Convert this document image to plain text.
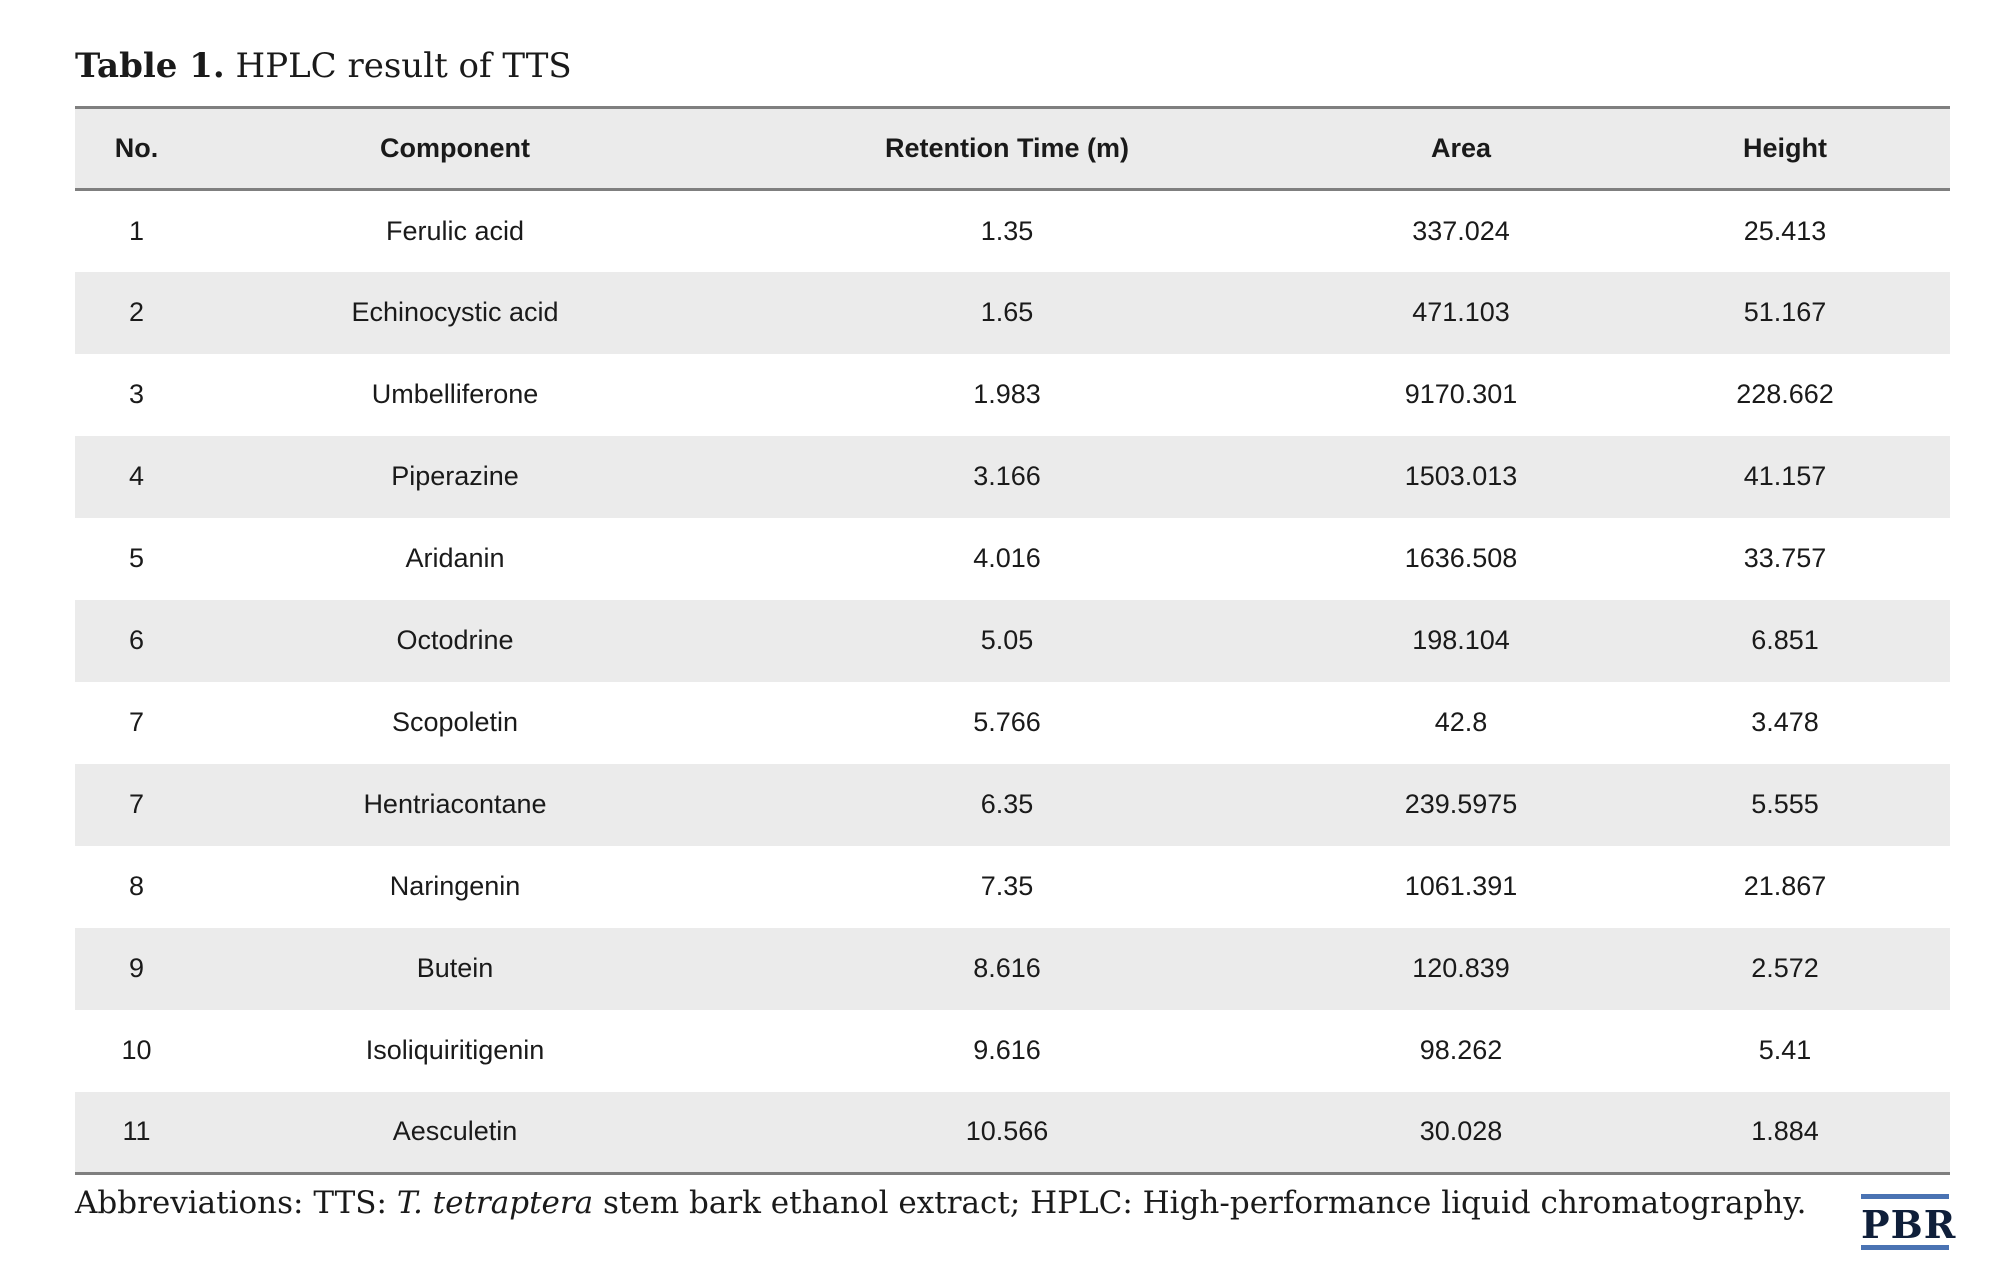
Table 1. HPLC result of TTS
No.	Component	Retention Time (m)	Area	Height
1	Ferulic acid	1.35	337.024	25.413
2	Echinocystic acid	1.65	471.103	51.167
3	Umbelliferone	1.983	9170.301	228.662
4	Piperazine	3.166	1503.013	41.157
5	Aridanin	4.016	1636.508	33.757
6	Octodrine	5.05	198.104	6.851
7	Scopoletin	5.766	42.8	3.478
7	Hentriacontane	6.35	239.5975	5.555
8	Naringenin	7.35	1061.391	21.867
9	Butein	8.616	120.839	2.572
10	Isoliquiritigenin	9.616	98.262	5.41
11	Aesculetin	10.566	30.028	1.884
Abbreviations: TTS: T. tetraptera stem bark ethanol extract; HPLC: High-performance liquid chromatography. PBR
